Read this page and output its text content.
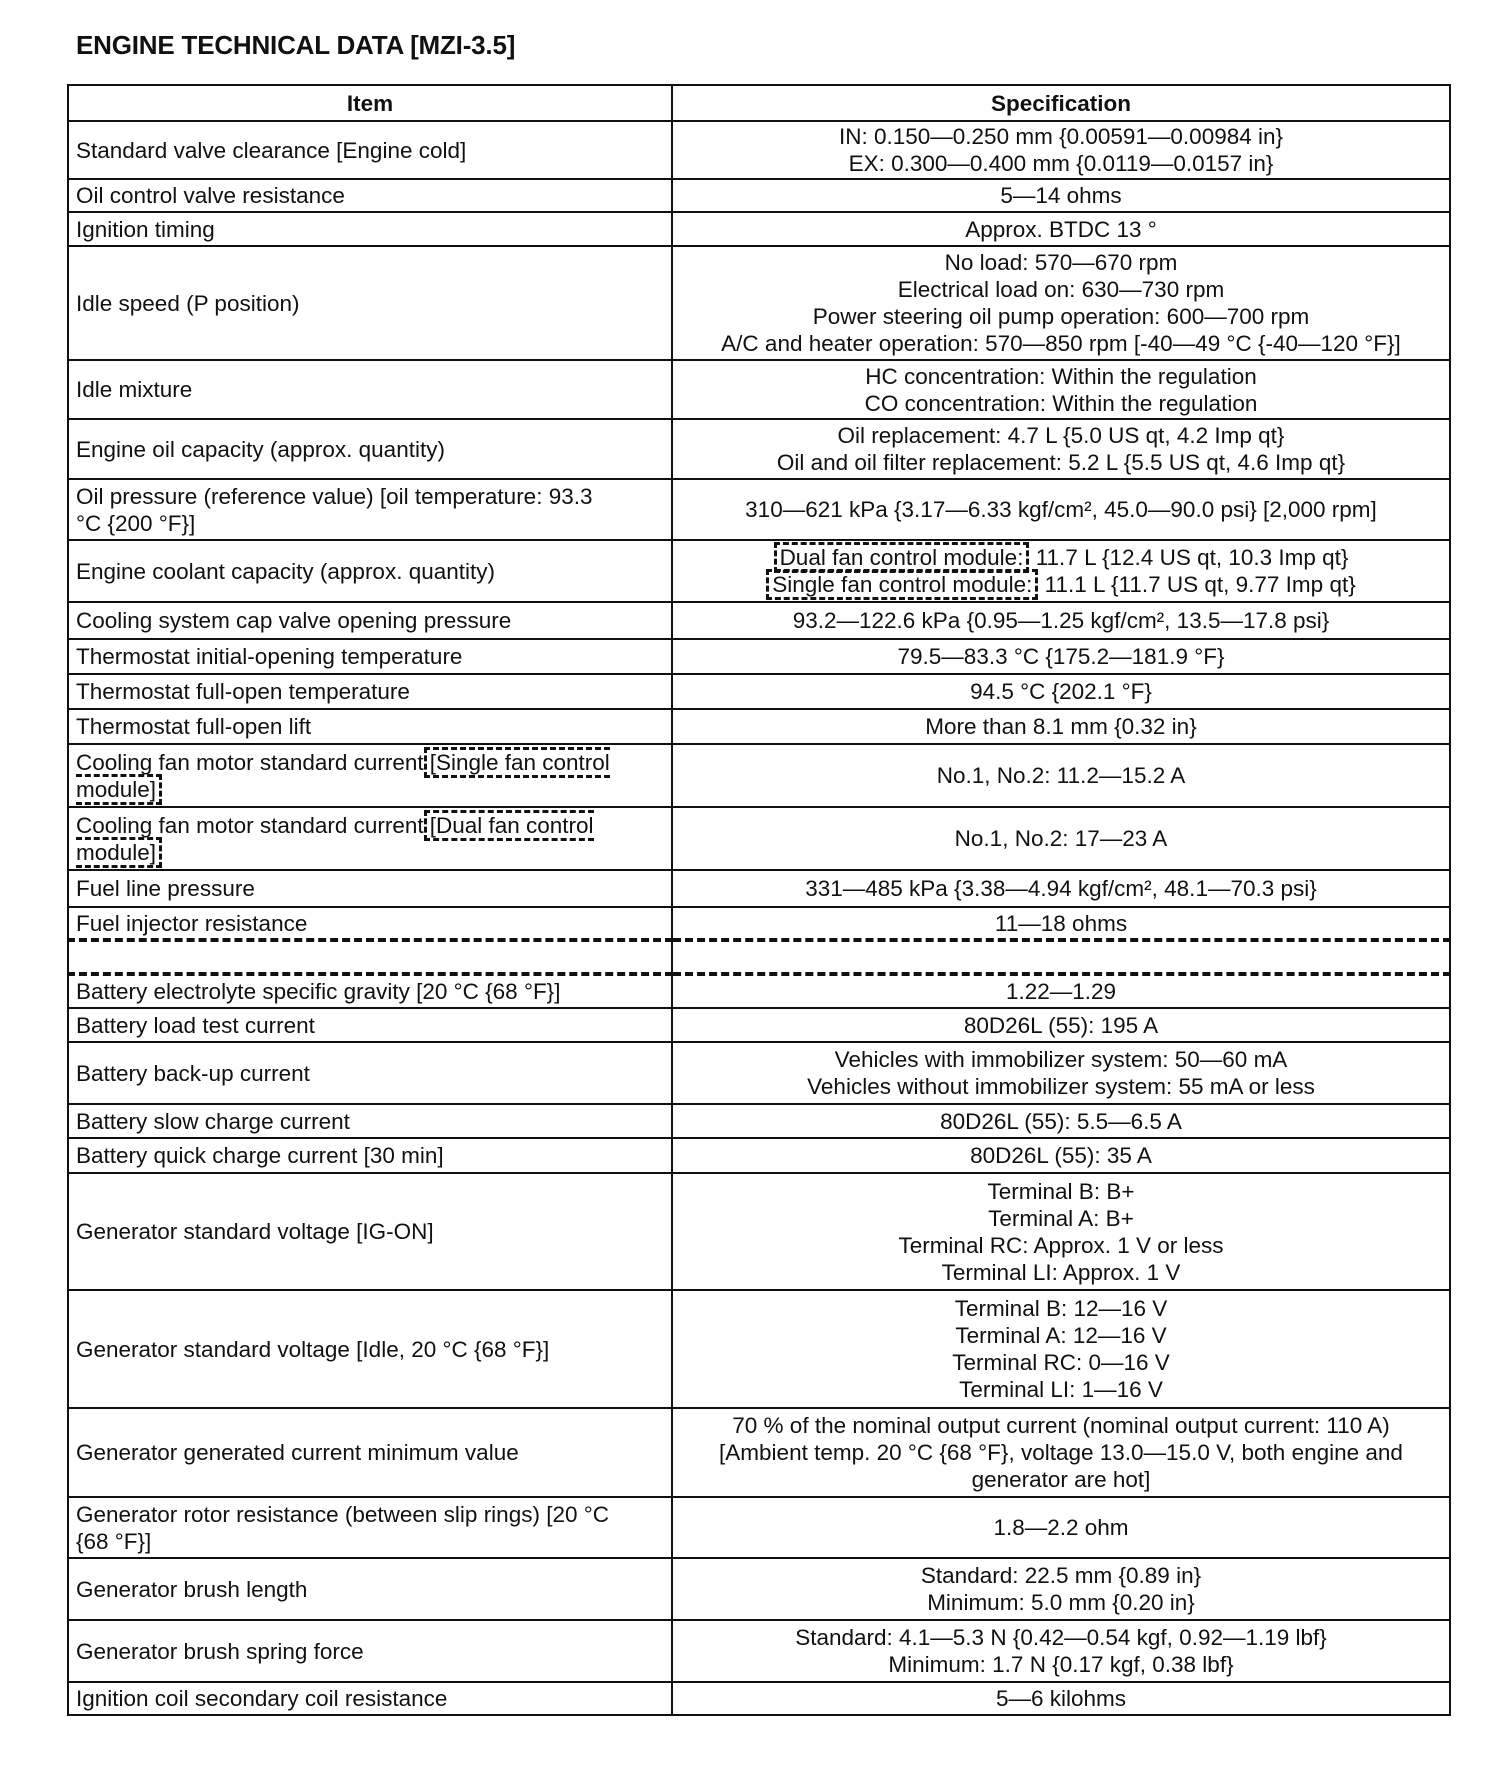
ENGINE TECHNICAL DATA [MZI-3.5]
Item	Specification

Standard valve clearance [Engine cold]	IN: 0.150—0.250 mm {0.00591—0.00984 in}
EX: 0.300—0.400 mm {0.0119—0.0157 in}

Oil control valve resistance	5—14 ohms

Ignition timing	Approx. BTDC 13 °

Idle speed (P position)	No load: 570—670 rpm
Electrical load on: 630—730 rpm
Power steering oil pump operation: 600—700 rpm
A/C and heater operation: 570—850 rpm [-40—49 °C {-40—120 °F}]

Idle mixture	HC concentration: Within the regulation
CO concentration: Within the regulation

Engine oil capacity (approx. quantity)	Oil replacement: 4.7 L {5.0 US qt, 4.2 Imp qt}
Oil and oil filter replacement: 5.2 L {5.5 US qt, 4.6 Imp qt}

Oil pressure (reference value) [oil temperature: 93.3
°C {200 °F}]	310—621 kPa {3.17—6.33 kgf/cm², 45.0—90.0 psi} [2,000 rpm]

Engine coolant capacity (approx. quantity)	Dual fan control module: 11.7 L {12.4 US qt, 10.3 Imp qt}
Single fan control module: 11.1 L {11.7 US qt, 9.77 Imp qt}

Cooling system cap valve opening pressure	93.2—122.6 kPa {0.95—1.25 kgf/cm², 13.5—17.8 psi}

Thermostat initial-opening temperature	79.5—83.3 °C {175.2—181.9 °F}

Thermostat full-open temperature	94.5 °C {202.1 °F}

Thermostat full-open lift	More than 8.1 mm {0.32 in}

Cooling fan motor standard current [Single fan control module]	No.1, No.2: 11.2—15.2 A

Cooling fan motor standard current [Dual fan control module]	No.1, No.2: 17—23 A

Fuel line pressure	331—485 kPa {3.38—4.94 kgf/cm², 48.1—70.3 psi}

Fuel injector resistance	11—18 ohms

Battery electrolyte specific gravity [20 °C {68 °F}]	1.22—1.29

Battery load test current	80D26L (55): 195 A

Battery back-up current	Vehicles with immobilizer system: 50—60 mA
Vehicles without immobilizer system: 55 mA or less

Battery slow charge current	80D26L (55): 5.5—6.5 A

Battery quick charge current [30 min]	80D26L (55): 35 A

Generator standard voltage [IG-ON]	Terminal B: B+
Terminal A: B+
Terminal RC: Approx. 1 V or less
Terminal LI: Approx. 1 V

Generator standard voltage [Idle, 20 °C {68 °F}]	Terminal B: 12—16 V
Terminal A: 12—16 V
Terminal RC: 0—16 V
Terminal LI: 1—16 V

Generator generated current minimum value	70 % of the nominal output current (nominal output current: 110 A)
[Ambient temp. 20 °C {68 °F}, voltage 13.0—15.0 V, both engine and
generator are hot]

Generator rotor resistance (between slip rings) [20 °C
{68 °F}]	1.8—2.2 ohm

Generator brush length	Standard: 22.5 mm {0.89 in}
Minimum: 5.0 mm {0.20 in}

Generator brush spring force	Standard: 4.1—5.3 N {0.42—0.54 kgf, 0.92—1.19 lbf}
Minimum: 1.7 N {0.17 kgf, 0.38 lbf}

Ignition coil secondary coil resistance	5—6 kilohms
